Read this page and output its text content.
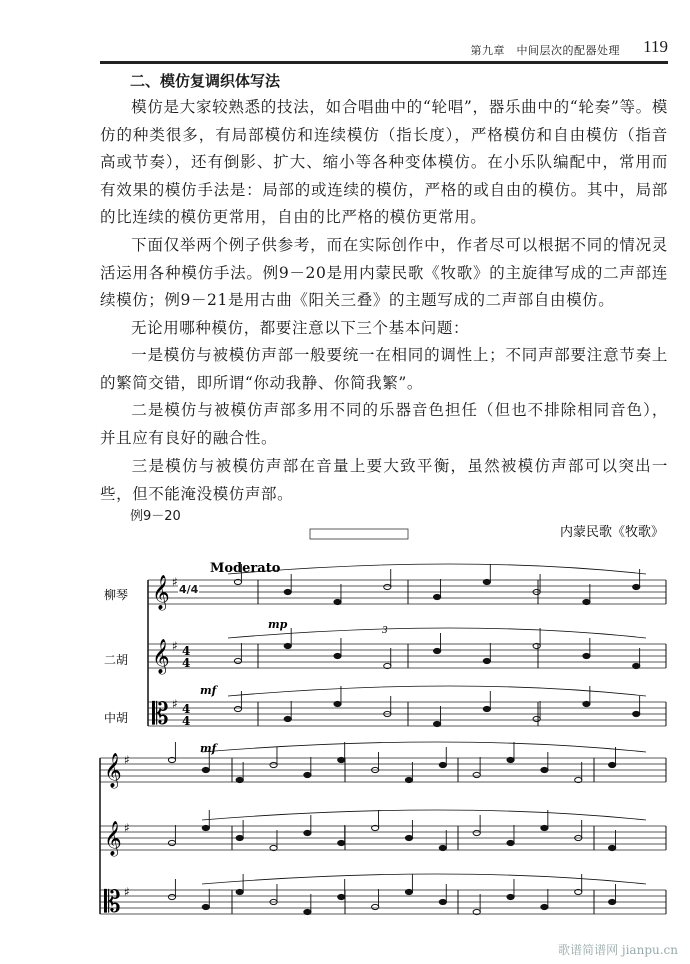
第九章　中间层次的配器处理 119
二、模仿复调织体写法
模仿是大家较熟悉的技法，如合唱曲中的“轮唱”，器乐曲中的“轮奏”等。模仿的种类很多，有局部模仿和连续模仿（指长度），严格模仿和自由模仿（指音高或节奏），还有倒影、扩大、缩小等各种变体模仿。在小乐队编配中，常用而有效果的模仿手法是：局部的或连续的模仿，严格的或自由的模仿。其中，局部的比连续的模仿更常用，自由的比严格的模仿更常用。
下面仅举两个例子供参考，而在实际创作中，作者尽可以根据不同的情况灵活运用各种模仿手法。例9－20是用内蒙民歌《牧歌》的主旋律写成的二声部连续模仿；例9－21是用古曲《阳关三叠》的主题写成的二声部自由模仿。
无论用哪种模仿，都要注意以下三个基本问题：
一是模仿与被模仿声部一般要统一在相同的调性上；不同声部要注意节奏上的繁简交错，即所谓“你动我静、你简我繁”。
二是模仿与被模仿声部多用不同的乐器音色担任（但也不排除相同音色），并且应有良好的融合性。
三是模仿与被模仿声部在音量上要大致平衡，虽然被模仿声部可以突出一些，但不能淹没模仿声部。
例9－20
内蒙民歌《牧歌》
Moderato
柳琴
二胡
中胡
mp
mf
mf
𝄞 ♯
𝄞 ♯ 4
4
𝄡 ♯ 4
4
𝄞 ♯
𝄞 ♯
𝄡 ♯
3
4/4
歌谱简谱网 jianpu.cn
